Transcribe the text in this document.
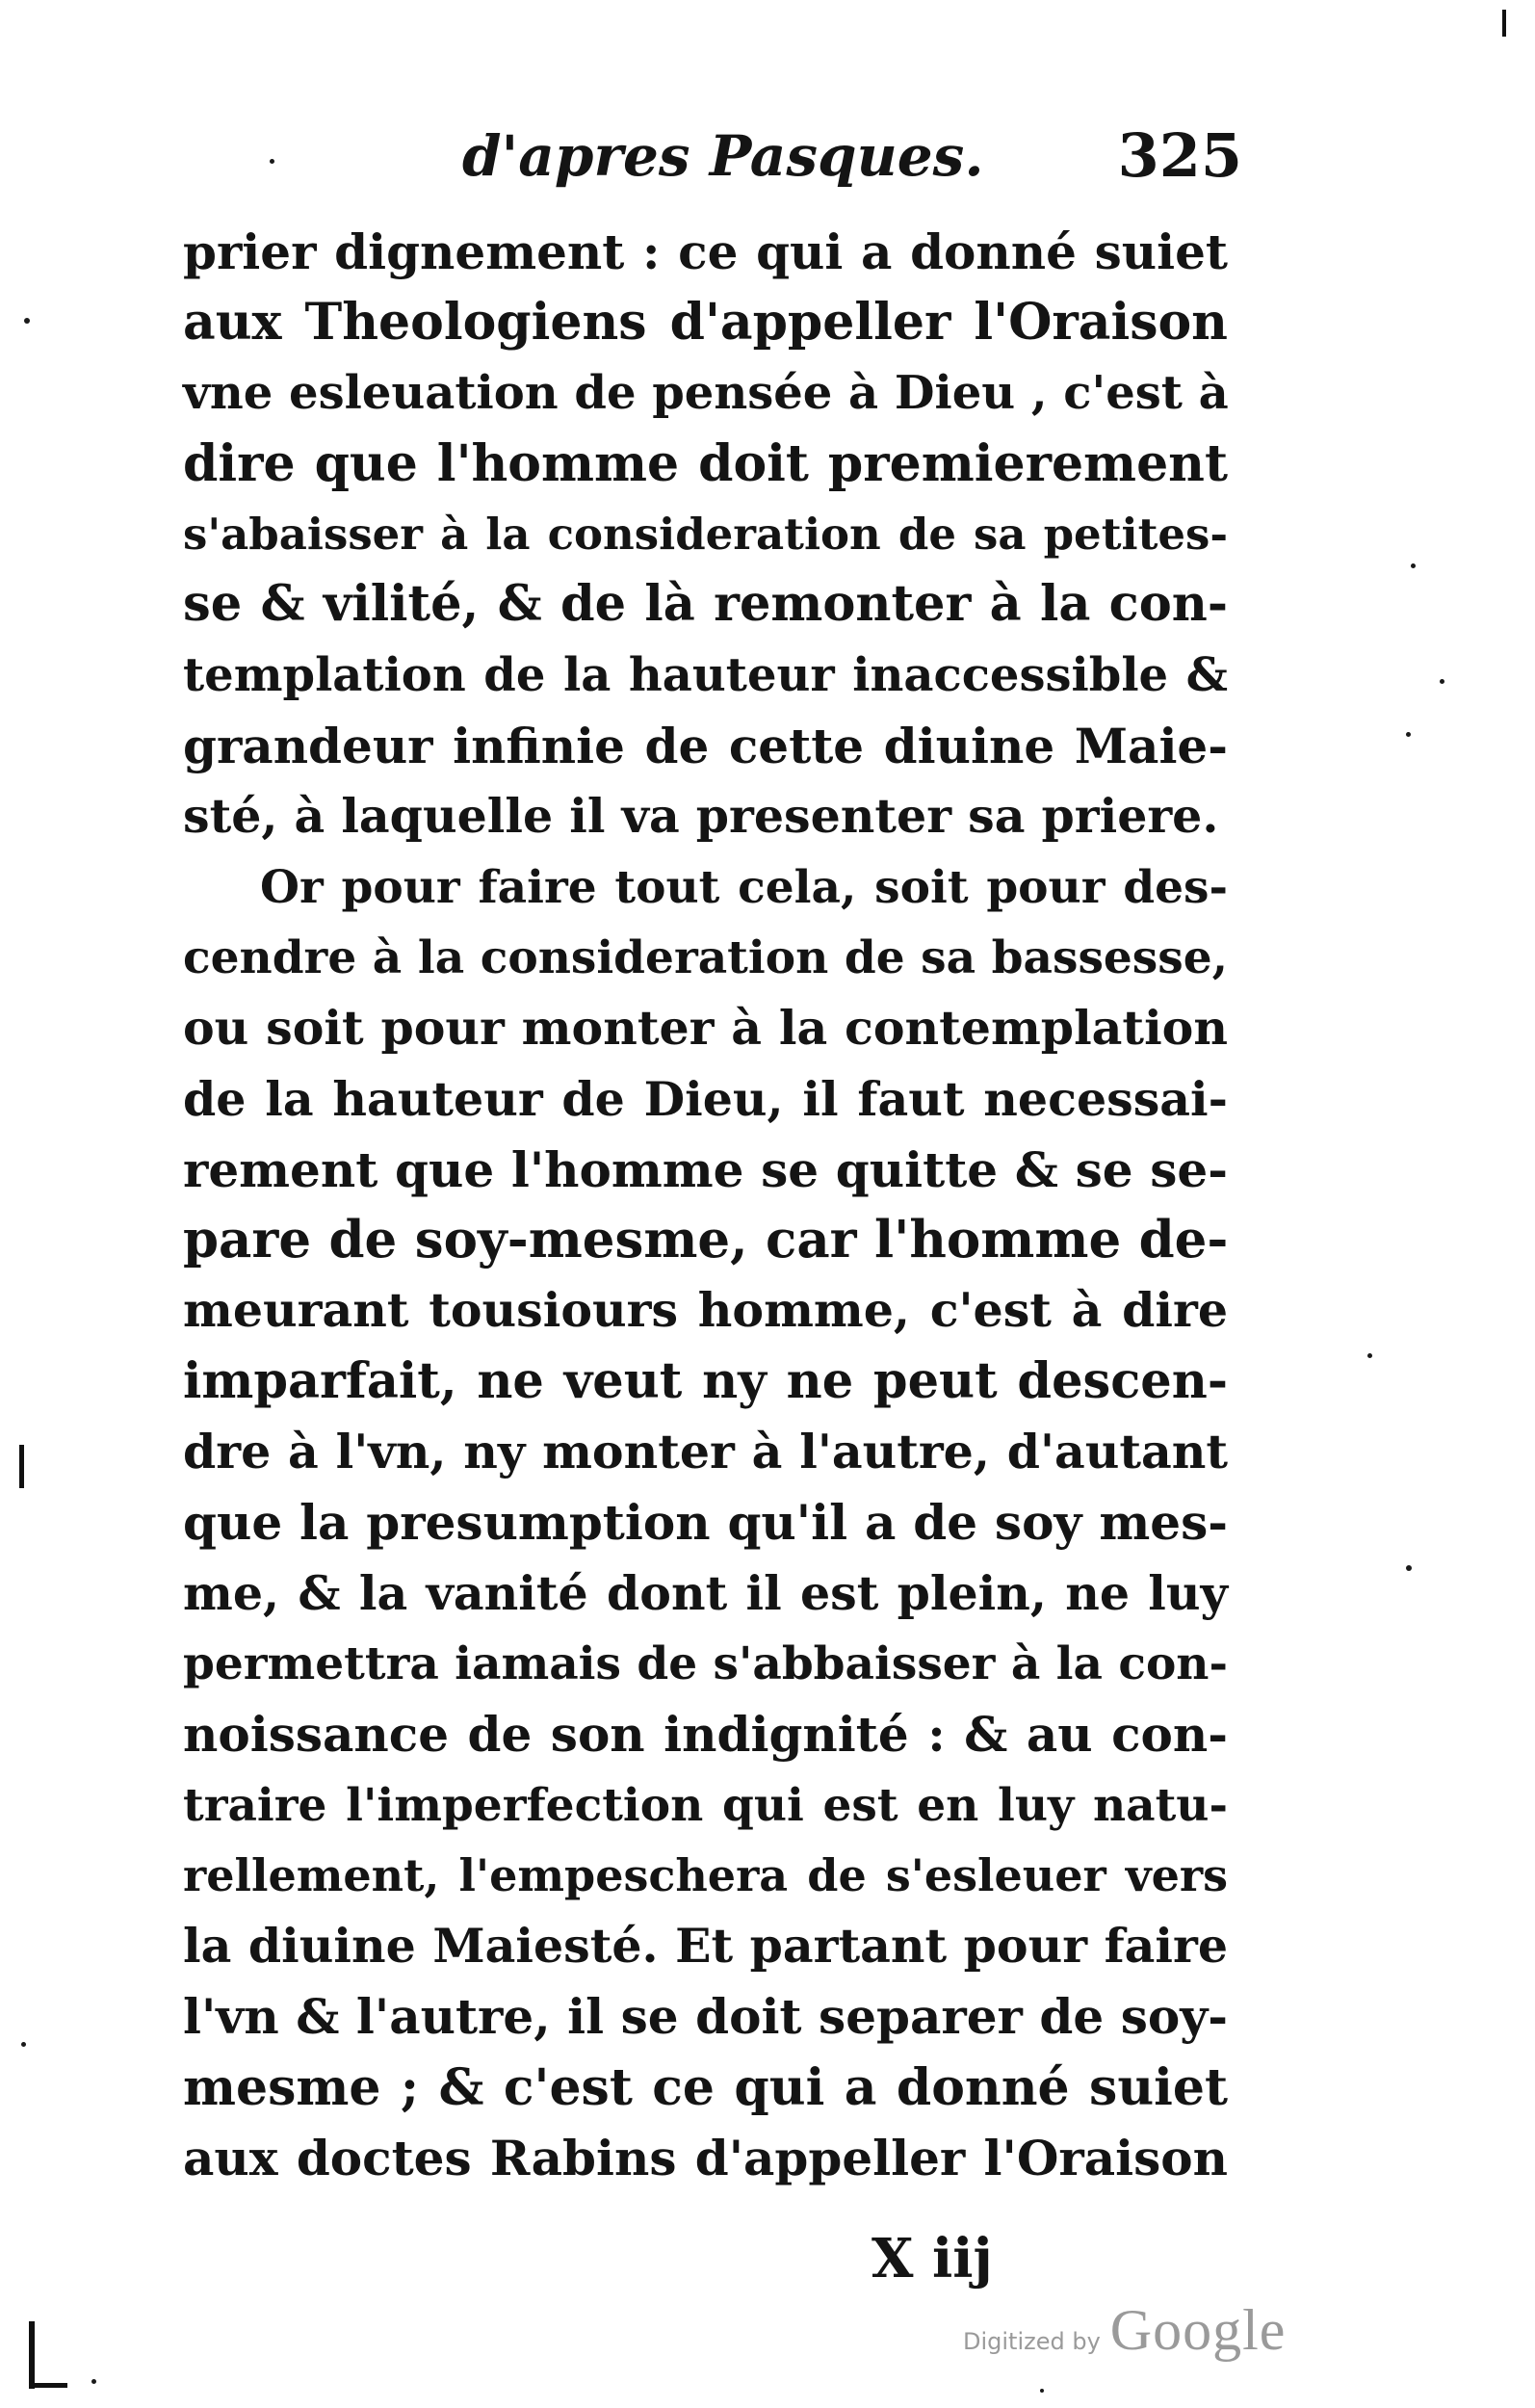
d'apres Pasques. 325
prier dignement : ce qui a donné suiet
aux Theologiens d'appeller l'Oraison
vne esleuation de pensée à Dieu , c'est à
dire que l'homme doit premierement
s'abaisser à la consideration de sa petites-
se & vilité, & de là remonter à la con-
templation de la hauteur inaccessible &
grandeur infinie de cette diuine Maie-
sté, à laquelle il va presenter sa priere.
Or pour faire tout cela, soit pour des-
cendre à la consideration de sa bassesse,
ou soit pour monter à la contemplation
de la hauteur de Dieu, il faut necessai-
rement que l'homme se quitte & se se-
pare de soy-mesme, car l'homme de-
meurant tousiours homme, c'est à dire
imparfait, ne veut ny ne peut descen-
dre à l'vn, ny monter à l'autre, d'autant
que la presumption qu'il a de soy mes-
me, & la vanité dont il est plein, ne luy
permettra iamais de s'abbaisser à la con-
noissance de son indignité : & au con-
traire l'imperfection qui est en luy natu-
rellement, l'empeschera de s'esleuer vers
la diuine Maiesté. Et partant pour faire
l'vn & l'autre, il se doit separer de soy-
mesme ; & c'est ce qui a donné suiet
aux doctes Rabins d'appeller l'Oraison
X iij
Digitized by Google
